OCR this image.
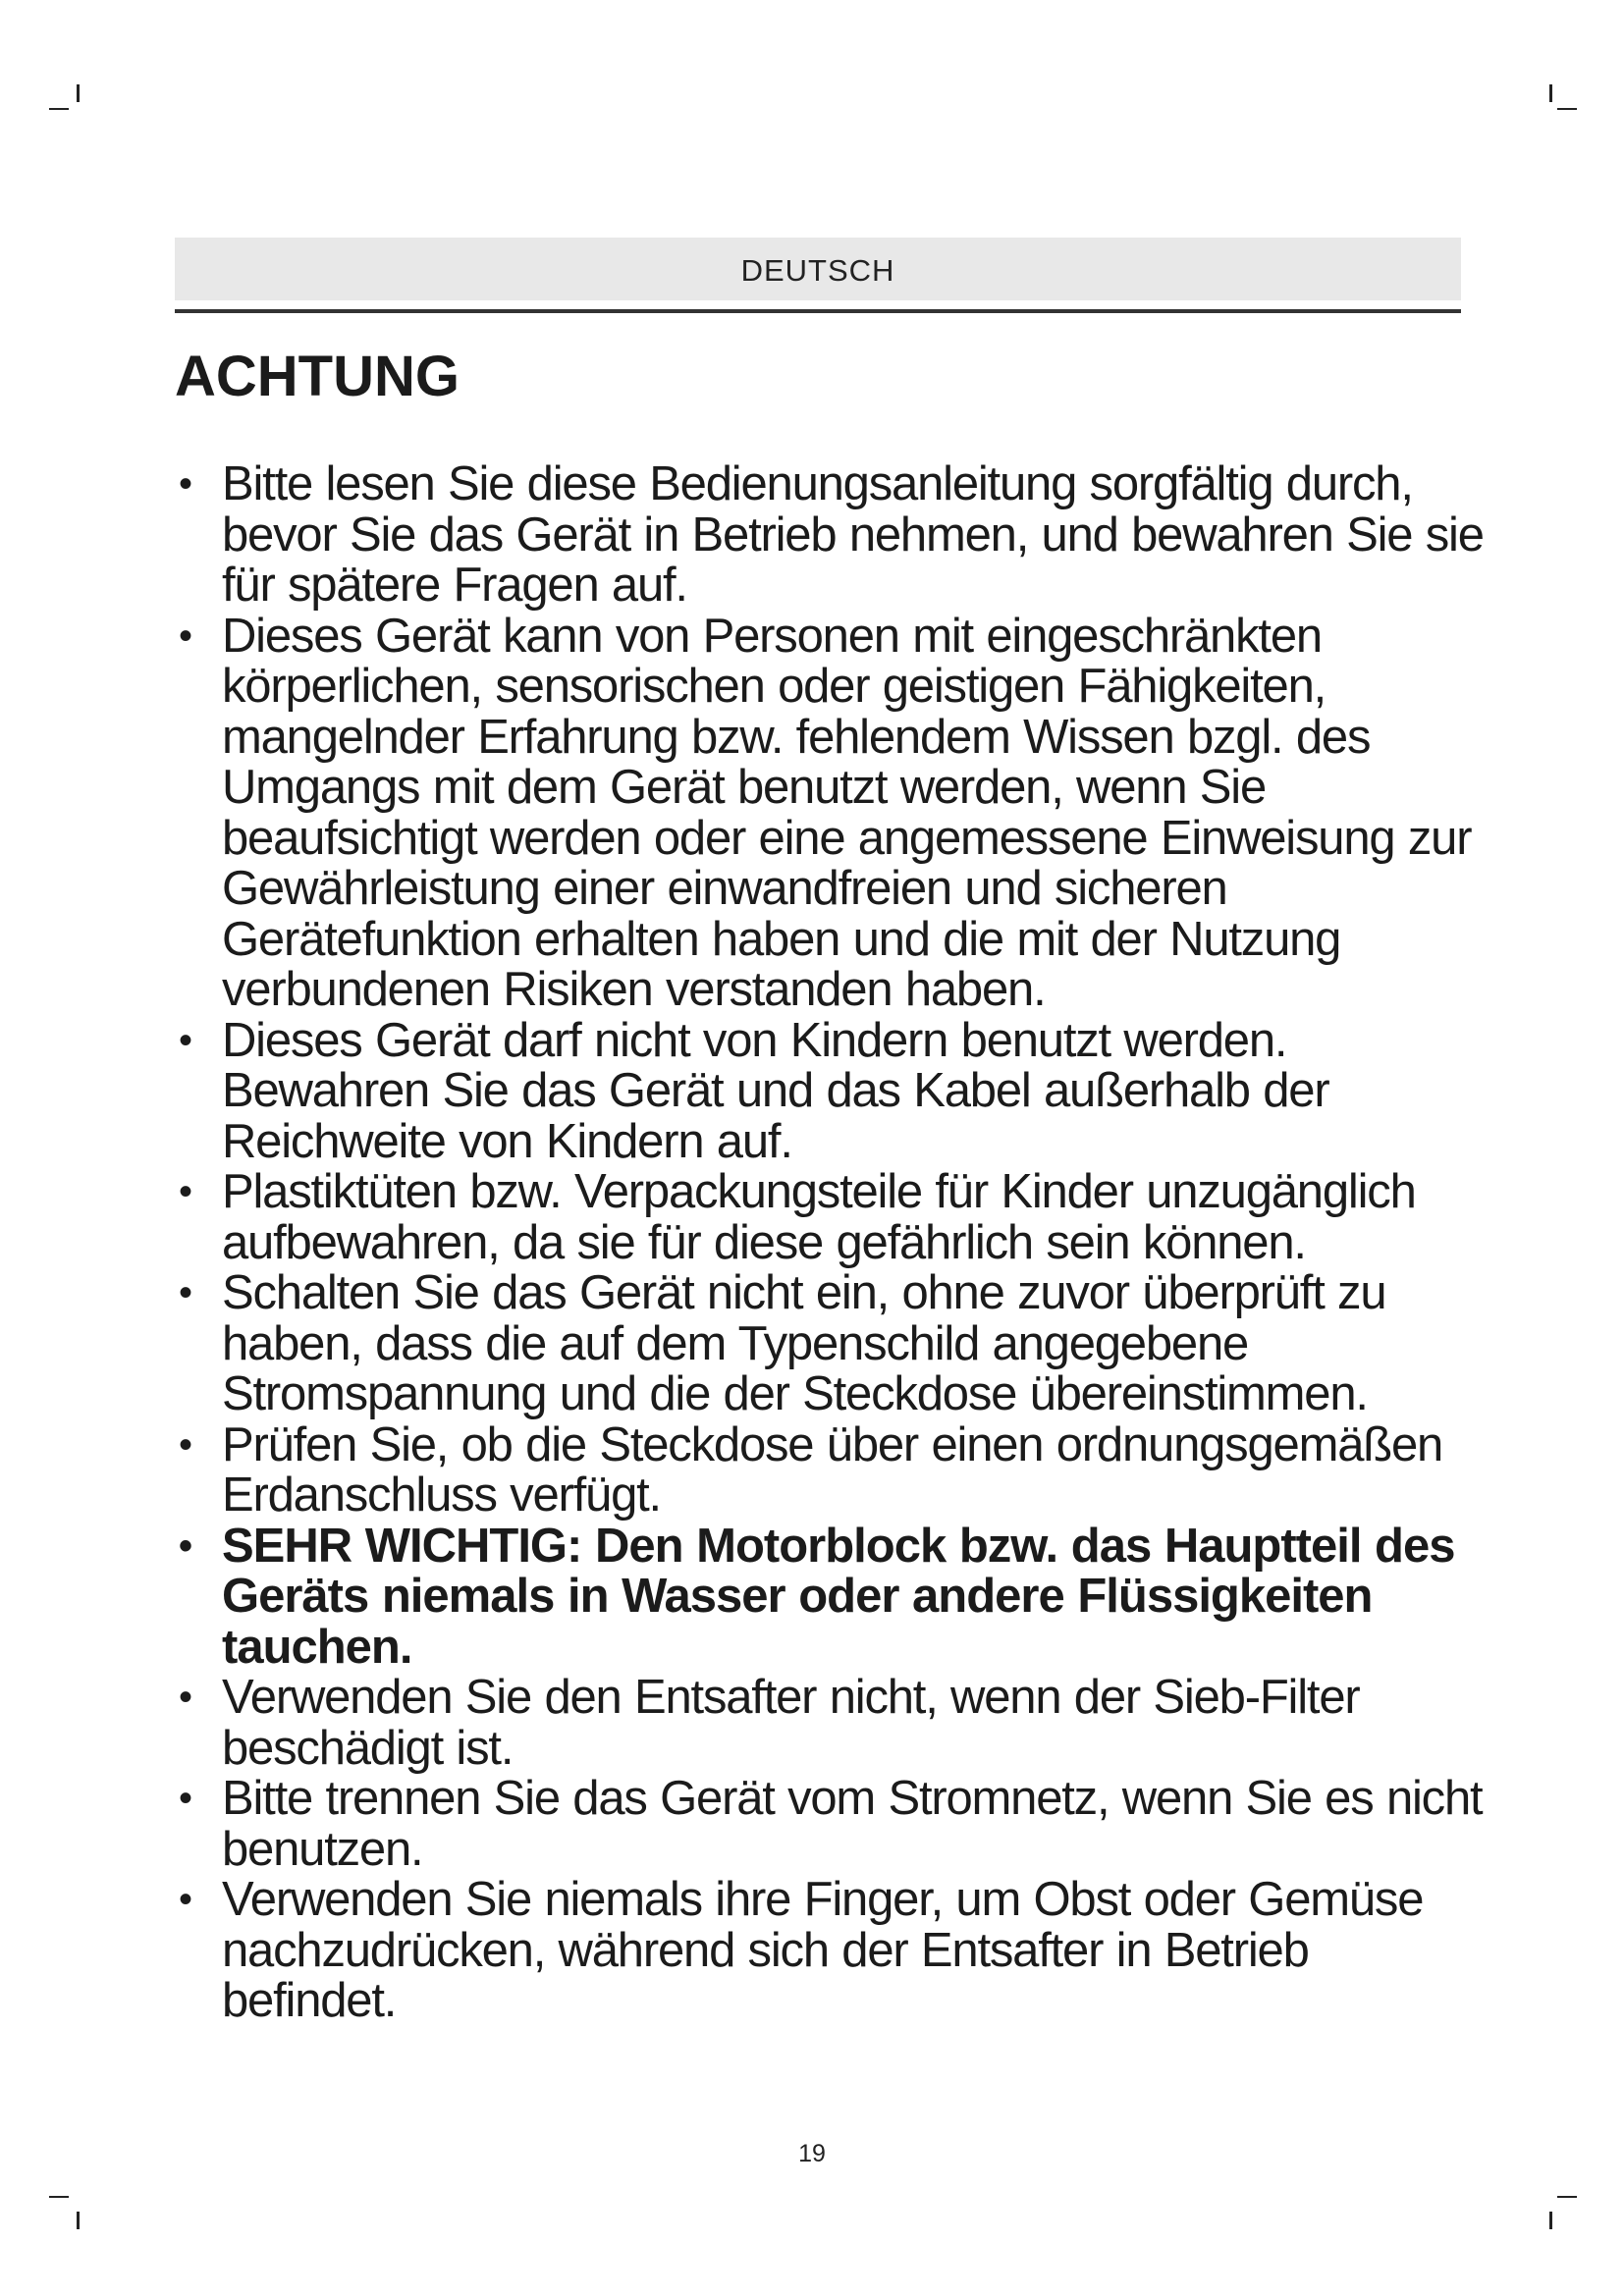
DEUTSCH
ACHTUNG
• Bitte lesen Sie diese Bedienungsanleitung sorgfältig durch, bevor Sie das Gerät in Betrieb nehmen, und bewahren Sie sie für spätere Fragen auf.
• Dieses Gerät kann von Personen mit eingeschränkten körperlichen, sensorischen oder geistigen Fähigkeiten, mangelnder Erfahrung bzw. fehlendem Wissen bzgl. des Umgangs mit dem Gerät benutzt werden, wenn Sie beaufsichtigt werden oder eine angemessene Einweisung zur Gewährleistung einer einwandfreien und sicheren Gerätefunktion erhalten haben und die mit der Nutzung verbundenen Risiken verstanden haben.
• Dieses Gerät darf nicht von Kindern benutzt werden. Bewahren Sie das Gerät und das Kabel außerhalb der Reichweite von Kindern auf.
• Plastiktüten bzw. Verpackungsteile für Kinder unzugänglich aufbewahren, da sie für diese gefährlich sein können.
• Schalten Sie das Gerät nicht ein, ohne zuvor überprüft zu haben, dass die auf dem Typenschild angegebene Stromspannung und die der Steckdose übereinstimmen.
• Prüfen Sie, ob die Steckdose über einen ordnungsgemäßen Erdanschluss verfügt.
• SEHR WICHTIG: Den Motorblock bzw. das Hauptteil des Geräts niemals in Wasser oder andere Flüssigkeiten tauchen.
• Verwenden Sie den Entsafter nicht, wenn der Sieb-Filter beschädigt ist.
• Bitte trennen Sie das Gerät vom Stromnetz, wenn Sie es nicht benutzen.
• Verwenden Sie niemals ihre Finger, um Obst oder Gemüse nachzudrücken, während sich der Entsafter in Betrieb befindet.
19
